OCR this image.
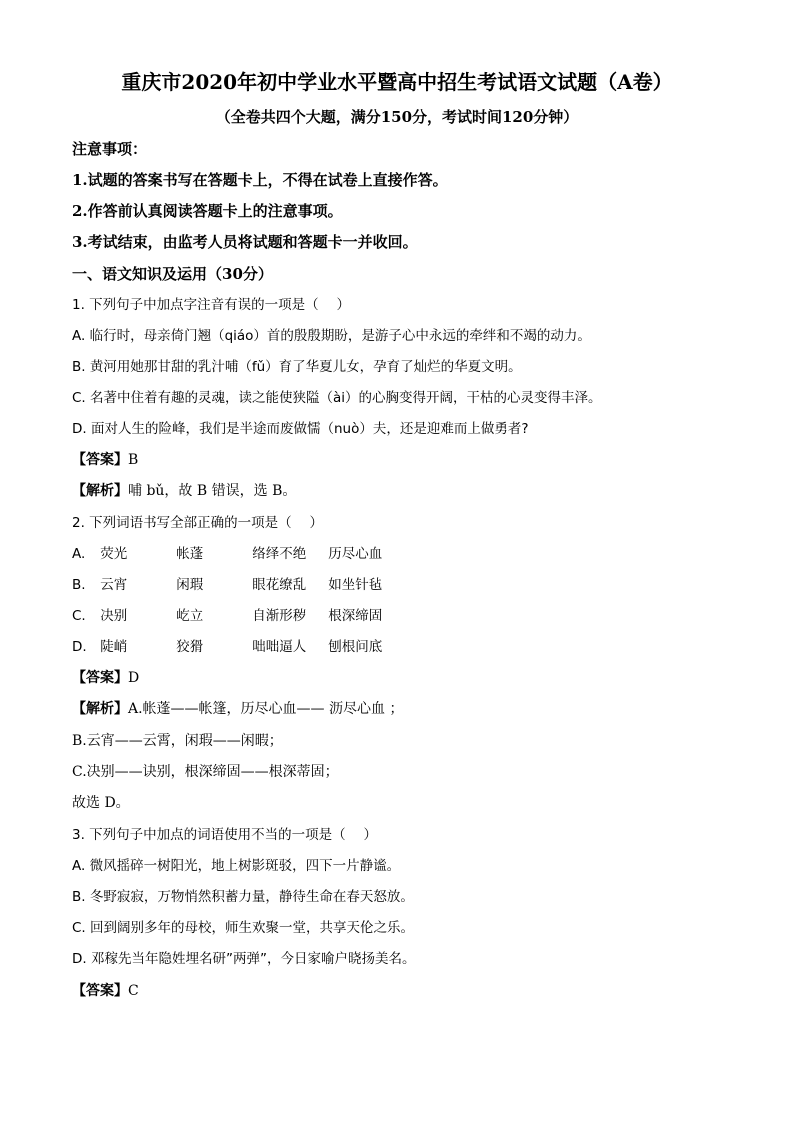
重庆市2020年初中学业水平暨高中招生考试语文试题（A卷）
（全卷共四个大题，满分150分，考试时间120分钟）
注意事项：
1.试题的答案书写在答题卡上，不得在试卷上直接作答。
2.作答前认真阅读答题卡上的注意事项。
3.考试结束，由监考人员将试题和答题卡一并收回。
一、语文知识及运用（30分）
1. 下列句子中加点字注音有误的一项是（　 ）
A. 临行时，母亲倚门翘（qiáo）首的殷殷期盼，是游子心中永远的牵绊和不竭的动力。
B. 黄河用她那甘甜的乳汁哺（fǔ）育了华夏儿女，孕育了灿烂的华夏文明。
C. 名著中住着有趣的灵魂，读之能使狭隘（ài）的心胸变得开阔，干枯的心灵变得丰泽。
D. 面对人生的险峰，我们是半途而废做懦（nuò）夫，还是迎难而上做勇者?
【答案】B
【解析】哺 bǔ，故 B 错误，选 B。
2. 下列词语书写全部正确的一项是（　 ）
A. 荧光	帐蓬	络绎不绝 历尽心血
B. 云宵	闲瑕	眼花缭乱 如坐针毡
C. 决别	屹立	自渐形秽 根深缔固
D. 陡峭	狡猾	咄咄逼人 刨根问底
【答案】D
【解析】A.帐蓬——帐篷，历尽心血—— 沥尽心血 ；
B.云宵——云霄，闲瑕——闲暇；
C.决别——诀别，根深缔固——根深蒂固；
故选 D。
3. 下列句子中加点的词语使用不当的一项是（　 ）
A. 微风摇碎一树阳光，地上树影斑驳，四下一片静谧。
B. 冬野寂寂，万物悄然积蓄力量，静待生命在春天怒放。
C. 回到阔别多年的母校，师生欢聚一堂，共享天伦之乐。
D. 邓稼先当年隐姓埋名研”两弹”，今日家喻户晓扬美名。
【答案】C
